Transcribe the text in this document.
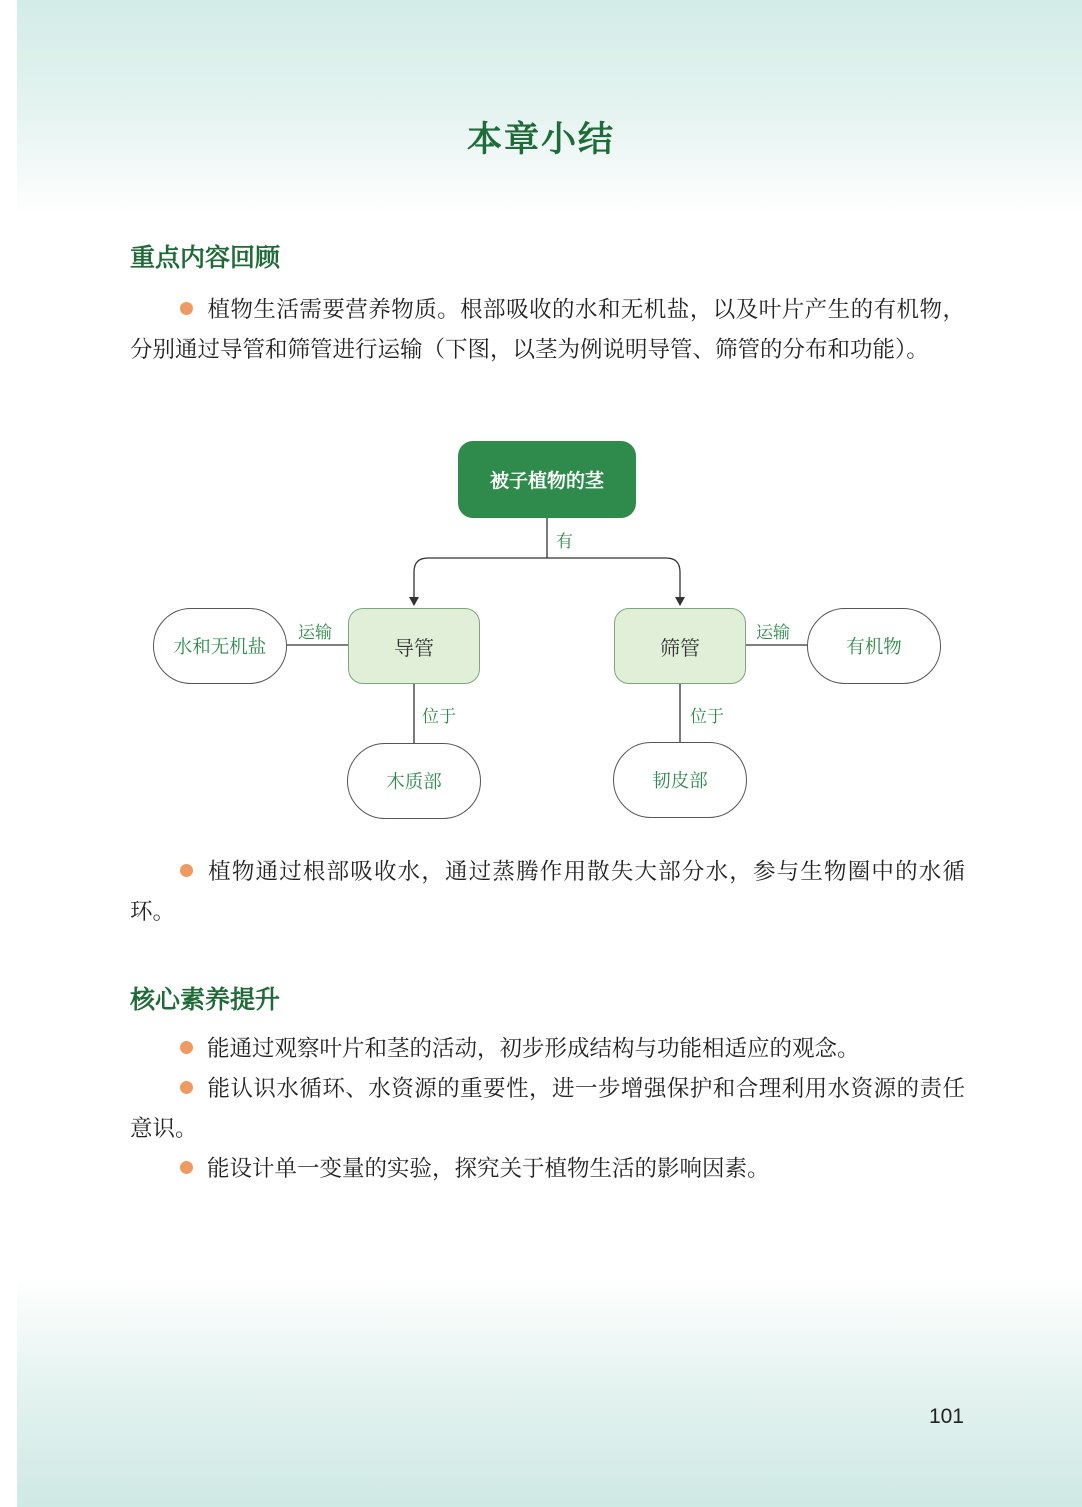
本章小结
重点内容回顾
植物生活需要营养物质。根部吸收的水和无机盐，以及叶片产生的有机物，分别通过导管和筛管进行运输（下图，以茎为例说明导管、筛管的分布和功能）。
被子植物的茎
有
导管	筛管
水和无机盐	有机物
运输	运输
位于	位于
木质部	韧皮部
植物通过根部吸收水，通过蒸腾作用散失大部分水，参与生物圈中的水循环。
核心素养提升
能通过观察叶片和茎的活动，初步形成结构与功能相适应的观念。
能认识水循环、水资源的重要性，进一步增强保护和合理利用水资源的责任意识。
能设计单一变量的实验，探究关于植物生活的影响因素。
101
